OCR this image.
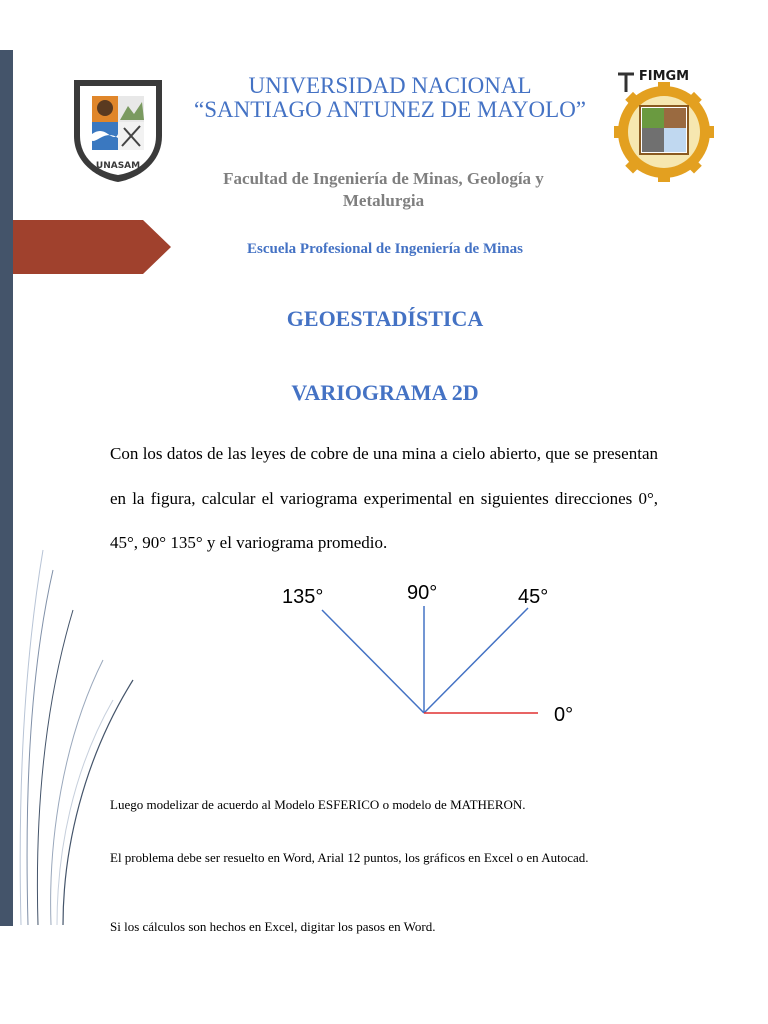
UNASAM
FIMGM
UNIVERSIDAD NACIONAL
“SANTIAGO ANTUNEZ DE MAYOLO”
Facultad de Ingeniería de Minas, Geología y Metalurgia
Escuela Profesional de Ingeniería de Minas
GEOESTADÍSTICA
VARIOGRAMA 2D
Con los datos de las leyes de cobre de una mina a cielo abierto, que se presentan en la figura, calcular el variograma experimental en siguientes direcciones 0°, 45°, 90° 135° y el variograma promedio.
135°	90°	45°
0°
Luego modelizar de acuerdo al Modelo ESFERICO o modelo de MATHERON.
El problema debe ser resuelto en Word, Arial 12 puntos, los gráficos en Excel o en Autocad.
Si los cálculos son hechos en Excel, digitar los pasos en Word.
